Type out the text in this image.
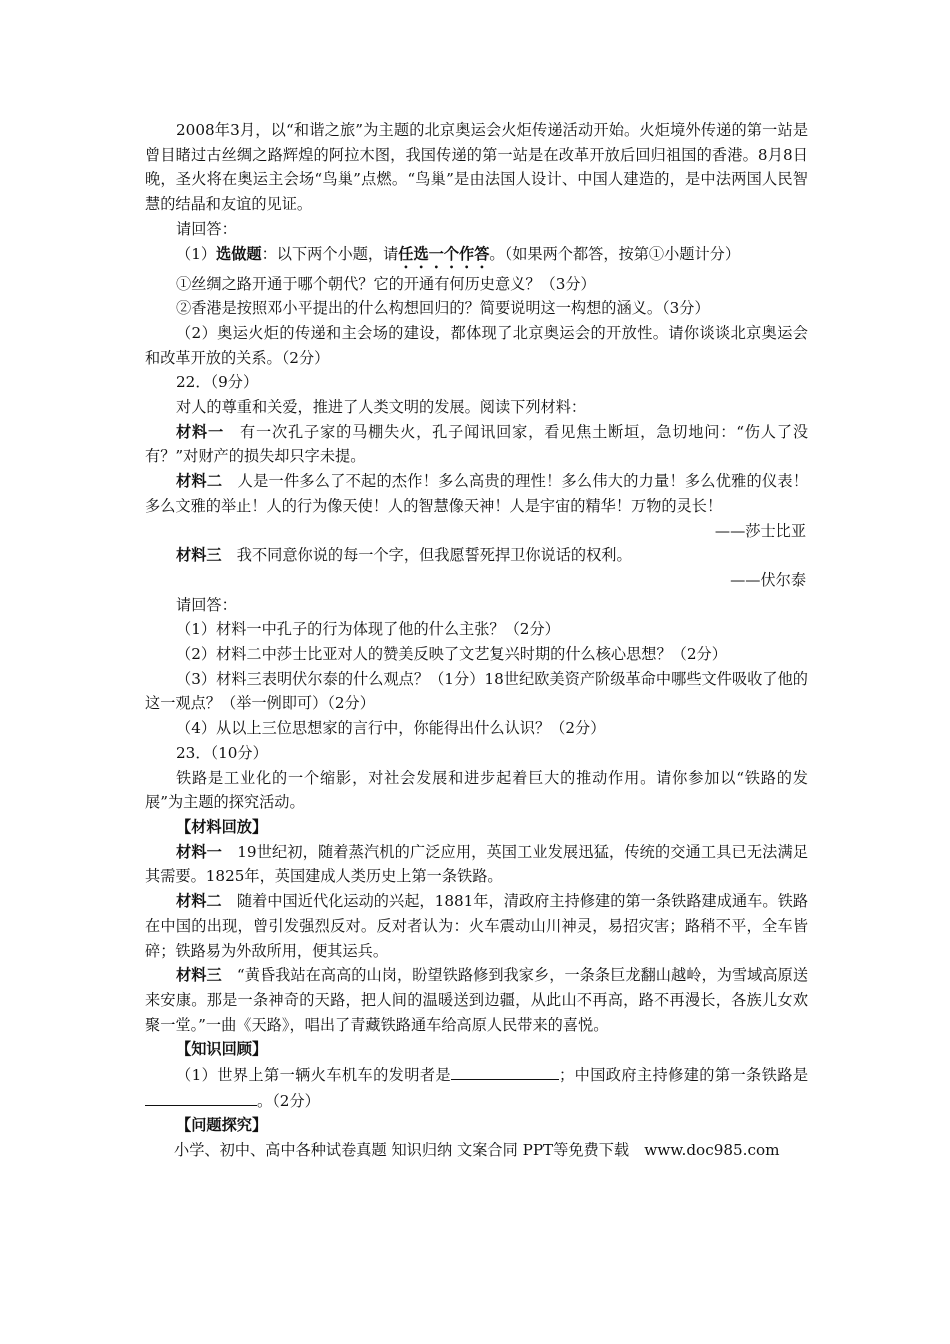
2008年3月，以“和谐之旅”为主题的北京奥运会火炬传递活动开始。火炬境外传递的第一站是曾目睹过古丝绸之路辉煌的阿拉木图，我国传递的第一站是在改革开放后回归祖国的香港。8月8日晚，圣火将在奥运主会场“鸟巢”点燃。“鸟巢”是由法国人设计、中国人建造的，是中法两国人民智慧的结晶和友谊的见证。

请回答：

（1）选做题：以下两个小题，请任选一个作答。（如果两个都答，按第①小题计分）

①丝绸之路开通于哪个朝代？它的开通有何历史意义？（3分）

②香港是按照邓小平提出的什么构想回归的？简要说明这一构想的涵义。（3分）

（2）奥运火炬的传递和主会场的建设，都体现了北京奥运会的开放性。请你谈谈北京奥运会和改革开放的关系。（2分）

22．（9分）

对人的尊重和关爱，推进了人类文明的发展。阅读下列材料：

材料一　有一次孔子家的马棚失火，孔子闻讯回家，看见焦土断垣，急切地问：“伤人了没有？”对财产的损失却只字未提。

材料二　人是一件多么了不起的杰作！多么高贵的理性！多么伟大的力量！多么优雅的仪表！多么文雅的举止！人的行为像天使！人的智慧像天神！人是宇宙的精华！万物的灵长！

——莎士比亚

材料三　我不同意你说的每一个字，但我愿誓死捍卫你说话的权利。

——伏尔泰

请回答：

（1）材料一中孔子的行为体现了他的什么主张？（2分）

（2）材料二中莎士比亚对人的赞美反映了文艺复兴时期的什么核心思想？（2分）

（3）材料三表明伏尔泰的什么观点？（1分）18世纪欧美资产阶级革命中哪些文件吸收了他的这一观点？（举一例即可）（2分）

（4）从以上三位思想家的言行中，你能得出什么认识？（2分）

23．（10分）

铁路是工业化的一个缩影，对社会发展和进步起着巨大的推动作用。请你参加以“铁路的发展”为主题的探究活动。

【材料回放】

材料一　19世纪初，随着蒸汽机的广泛应用，英国工业发展迅猛，传统的交通工具已无法满足其需要。1825年，英国建成人类历史上第一条铁路。

材料二　随着中国近代化运动的兴起，1881年，清政府主持修建的第一条铁路建成通车。铁路在中国的出现，曾引发强烈反对。反对者认为：火车震动山川神灵，易招灾害；路稍不平，全车皆碎；铁路易为外敌所用，便其运兵。

材料三　“黄昏我站在高高的山岗，盼望铁路修到我家乡，一条条巨龙翻山越岭，为雪域高原送来安康。那是一条神奇的天路，把人间的温暖送到边疆，从此山不再高，路不再漫长，各族儿女欢聚一堂。”一曲《天路》，唱出了青藏铁路通车给高原人民带来的喜悦。

【知识回顾】

（1）世界上第一辆火车机车的发明者是	；中国政府主持修建的第一条铁路是。（2分）

【问题探究】

小学、初中、高中各种试卷真题 知识归纳 文案合同 PPT等免费下载　www.doc985.com
